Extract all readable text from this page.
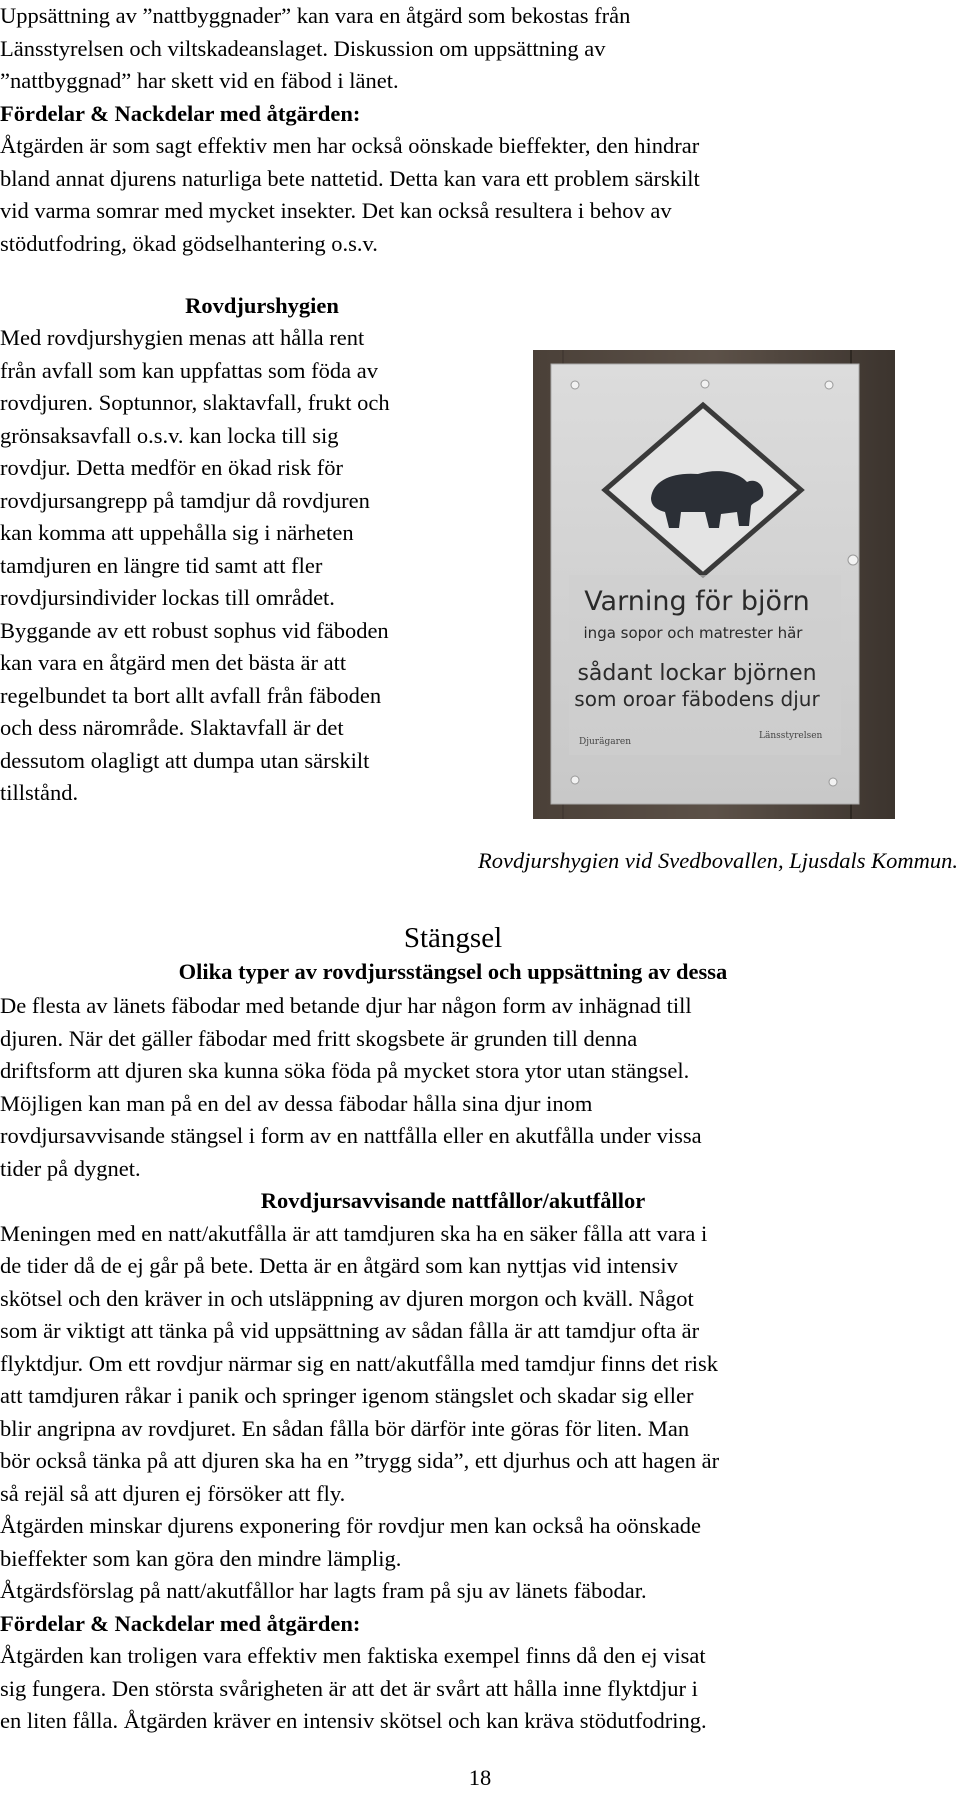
Uppsättning av ”nattbyggnader” kan vara en åtgärd som bekostas från

Länsstyrelsen och viltskadeanslaget. Diskussion om uppsättning av

”nattbyggnad” har skett vid en fäbod i länet.

Fördelar & Nackdelar med åtgärden:

Åtgärden är som sagt effektiv men har också oönskade bieffekter, den hindrar

bland annat djurens naturliga bete nattetid. Detta kan vara ett problem särskilt

vid varma somrar med mycket insekter. Det kan också resultera i behov av

stödutfodring, ökad gödselhantering o.s.v.

Rovdjurshygien

Med rovdjurshygien menas att hålla rent

från avfall som kan uppfattas som föda av

rovdjuren. Soptunnor, slaktavfall, frukt och

grönsaksavfall o.s.v. kan locka till sig

rovdjur. Detta medför en ökad risk för

rovdjursangrepp på tamdjur då rovdjuren

kan komma att uppehålla sig i närheten

tamdjuren en längre tid samt att fler

rovdjursindivider lockas till området.

Byggande av ett robust sophus vid fäboden

kan vara en åtgärd men det bästa är att

regelbundet ta bort allt avfall från fäboden

och dess närområde. Slaktavfall är det

dessutom olagligt att dumpa utan särskilt

tillstånd.

Varning för björn
inga sopor och matrester här
sådant lockar björnen
som oroar fäbodens djur
Djurägaren
Länsstyrelsen

Rovdjurshygien vid Svedbovallen, Ljusdals Kommun.

Stängsel

Olika typer av rovdjursstängsel och uppsättning av dessa

De flesta av länets fäbodar med betande djur har någon form av inhägnad till

djuren. När det gäller fäbodar med fritt skogsbete är grunden till denna

driftsform att djuren ska kunna söka föda på mycket stora ytor utan stängsel.

Möjligen kan man på en del av dessa fäbodar hålla sina djur inom

rovdjursavvisande stängsel i form av en nattfålla eller en akutfålla under vissa

tider på dygnet.

Rovdjursavvisande nattfållor/akutfållor

Meningen med en natt/akutfålla är att tamdjuren ska ha en säker fålla att vara i

de tider då de ej går på bete. Detta är en åtgärd som kan nyttjas vid intensiv

skötsel och den kräver in och utsläppning av djuren morgon och kväll. Något

som är viktigt att tänka på vid uppsättning av sådan fålla är att tamdjur ofta är

flyktdjur. Om ett rovdjur närmar sig en natt/akutfålla med tamdjur finns det risk

att tamdjuren råkar i panik och springer igenom stängslet och skadar sig eller

blir angripna av rovdjuret. En sådan fålla bör därför inte göras för liten. Man

bör också tänka på att djuren ska ha en ”trygg sida”, ett djurhus och att hagen är

så rejäl så att djuren ej försöker att fly.

Åtgärden minskar djurens exponering för rovdjur men kan också ha oönskade

bieffekter som kan göra den mindre lämplig.

Åtgärdsförslag på natt/akutfållor har lagts fram på sju av länets fäbodar.

Fördelar & Nackdelar med åtgärden:

Åtgärden kan troligen vara effektiv men faktiska exempel finns då den ej visat

sig fungera. Den största svårigheten är att det är svårt att hålla inne flyktdjur i

en liten fålla. Åtgärden kräver en intensiv skötsel och kan kräva stödutfodring.

18
